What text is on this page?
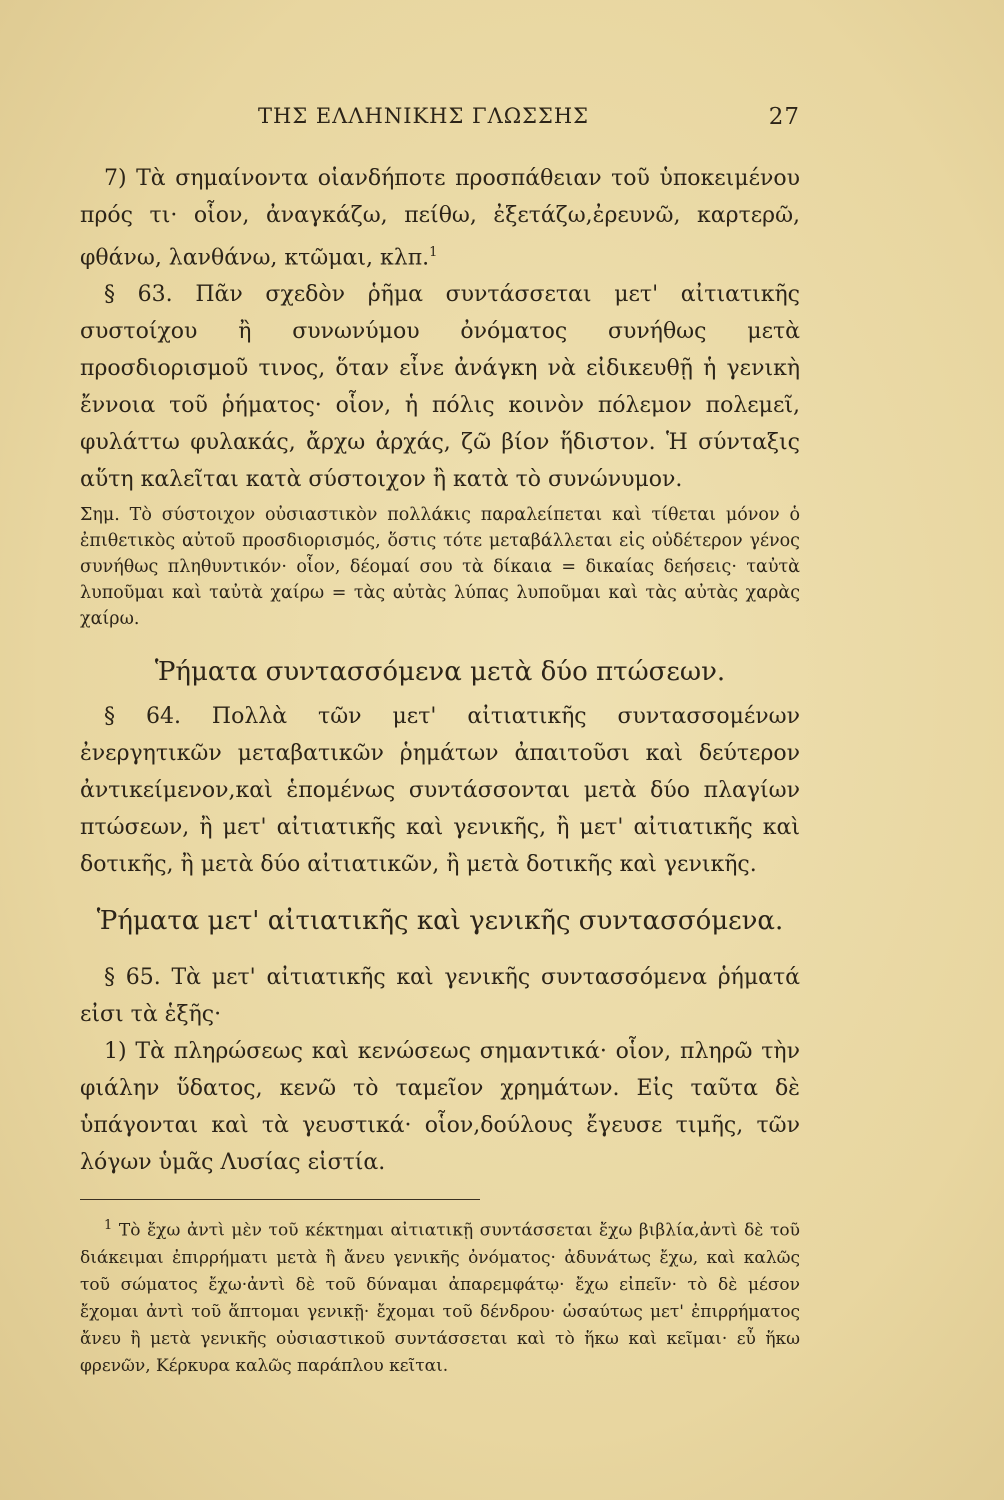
ΤΗΣ ΕΛΛΗΝΙΚΗΣ ΓΛΩΣΣΗΣ	27

7) Τὰ σημαίνοντα οἱανδήποτε προσπάθειαν τοῦ ὑποκειμένου πρός τι· οἷον, ἀναγκάζω, πείθω, ἐξετάζω,ἐρευνῶ, καρτερῶ, φθάνω, λανθάνω, κτῶμαι, κλπ.$^1$

§ 63. Πᾶν σχεδὸν ῥῆμα συντάσσεται μετ' αἰτιατικῆς συστοίχου ἢ συνωνύμου ὀνόματος συνήθως μετὰ προσδιορισμοῦ τινος, ὅταν εἶνε ἀνάγκη νὰ εἰδικευθῇ ἡ γενικὴ ἔννοια τοῦ ῥήματος· οἷον, ἡ πόλις κοινὸν πόλεμον πολεμεῖ, φυλάττω φυλακάς, ἄρχω ἀρχάς, ζῶ βίον ἥδιστον. Ἡ σύνταξις αὕτη καλεῖται κατὰ σύστοιχον ἢ κατὰ τὸ συνώνυμον.

Σημ. Τὸ σύστοιχον οὐσιαστικὸν πολλάκις παραλείπεται καὶ τίθεται μόνον ὁ ἐπιθετικὸς αὐτοῦ προσδιορισμός, ὅστις τότε μεταβάλλεται εἰς οὐδέτερον γένος συνήθως πληθυντικόν· οἷον, δέομαί σου τὰ δίκαια = δικαίας δεήσεις· ταὐτὰ λυποῦμαι καὶ ταὐτὰ χαίρω = τὰς αὐτὰς λύπας λυποῦμαι καὶ τὰς αὐτὰς χαρὰς χαίρω.

Ῥήματα συντασσόμενα μετὰ δύο πτώσεων.

§ 64. Πολλὰ τῶν μετ' αἰτιατικῆς συντασσομένων ἐνεργητικῶν μεταβατικῶν ῥημάτων ἀπαιτοῦσι καὶ δεύτερον ἀντικείμενον,καὶ ἑπομένως συντάσσονται μετὰ δύο πλαγίων πτώσεων, ἢ μετ' αἰτιατικῆς καὶ γενικῆς, ἢ μετ' αἰτιατικῆς καὶ δοτικῆς, ἢ μετὰ δύο αἰτιατικῶν, ἢ μετὰ δοτικῆς καὶ γενικῆς.

Ῥήματα μετ' αἰτιατικῆς καὶ γενικῆς συντασσόμενα.

§ 65. Τὰ μετ' αἰτιατικῆς καὶ γενικῆς συντασσόμενα ῥήματά εἰσι τὰ ἑξῆς·

1) Τὰ πληρώσεως καὶ κενώσεως σημαντικά· οἷον, πληρῶ τὴν φιάλην ὕδατος, κενῶ τὸ ταμεῖον χρημάτων. Εἰς ταῦτα δὲ ὑπάγονται καὶ τὰ γευστικά· οἷον,δούλους ἔγευσε τιμῆς, τῶν λόγων ὑμᾶς Λυσίας εἱστία.

$^1$ Τὸ ἔχω ἀντὶ μὲν τοῦ κέκτημαι αἰτιατικῇ συντάσσεται ἔχω βιβλία,ἀντὶ δὲ τοῦ διάκειμαι ἐπιρρήματι μετὰ ἢ ἄνευ γενικῆς ὀνόματος· ἀδυνάτως ἔχω, καὶ καλῶς τοῦ σώματος ἔχω·ἀντὶ δὲ τοῦ δύναμαι ἀπαρεμφάτῳ· ἔχω εἰπεῖν· τὸ δὲ μέσον ἔχομαι ἀντὶ τοῦ ἅπτομαι γενικῇ· ἔχομαι τοῦ δένδρου· ὡσαύτως μετ' ἐπιρρήματος ἄνευ ἢ μετὰ γενικῆς οὐσιαστικοῦ συντάσσεται καὶ τὸ ἥκω καὶ κεῖμαι· εὖ ἥκω φρενῶν, Κέρκυρα καλῶς παράπλου κεῖται.
